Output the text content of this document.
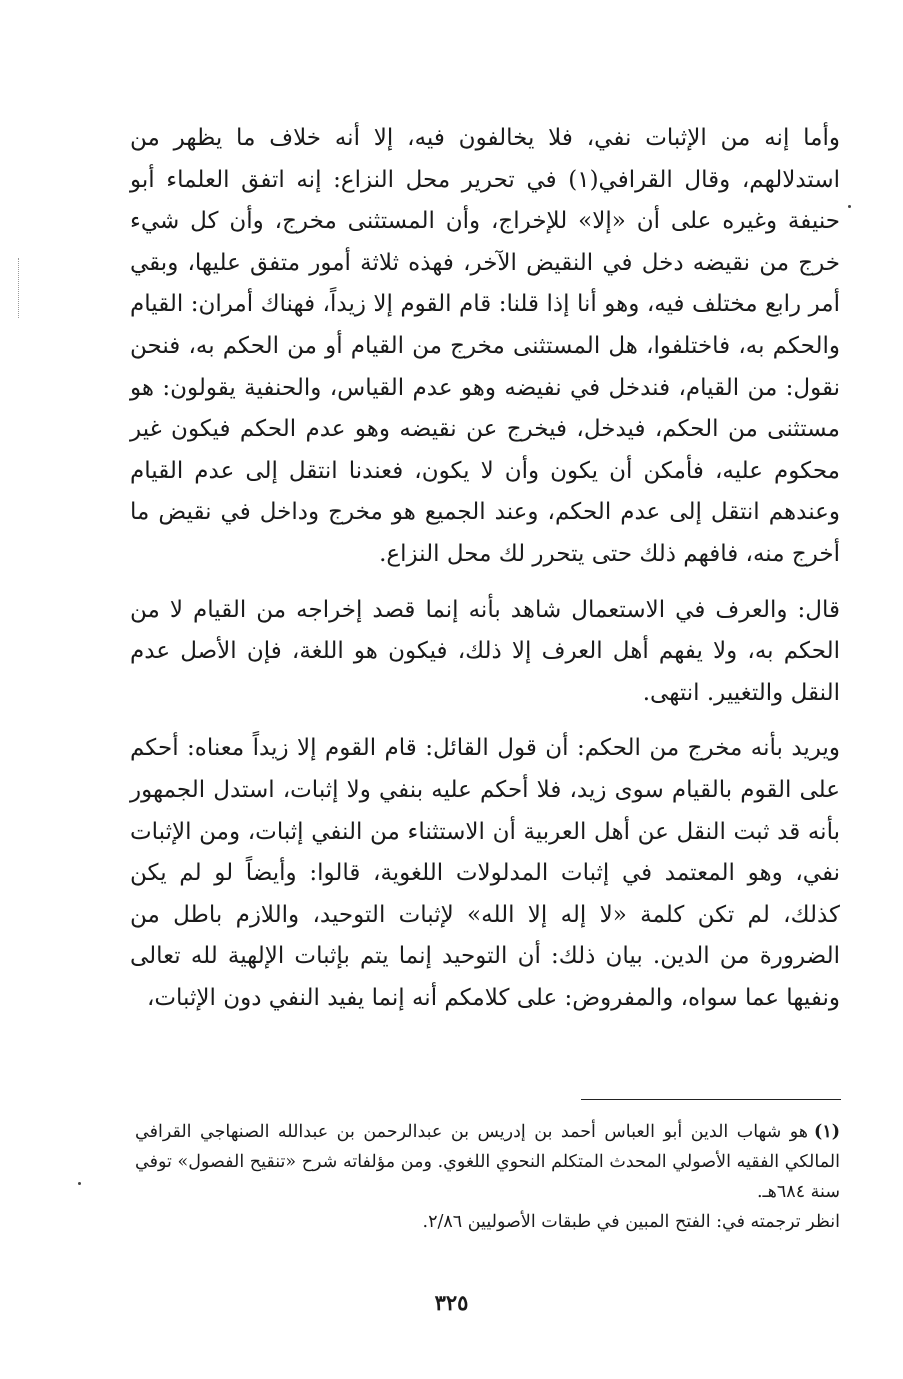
وأما إنه من الإثبات نفي، فلا يخالفون فيه، إلا أنه خلاف ما يظهر من استدلالهم، وقال القرافي(١) في تحرير محل النزاع: إنه اتفق العلماء أبو حنيفة وغيره على أن «إلا» للإخراج، وأن المستثنى مخرج، وأن كل شيء خرج من نقيضه دخل في النقيض الآخر، فهذه ثلاثة أمور متفق عليها، وبقي أمر رابع مختلف فيه، وهو أنا إذا قلنا: قام القوم إلا زيداً، فهناك أمران: القيام والحكم به، فاختلفوا، هل المستثنى مخرج من القيام أو من الحكم به، فنحن نقول: من القيام، فندخل في نفيضه وهو عدم القياس، والحنفية يقولون: هو مستثنى من الحكم، فيدخل، فيخرج عن نقيضه وهو عدم الحكم فيكون غير محكوم عليه، فأمكن أن يكون وأن لا يكون، فعندنا انتقل إلى عدم القيام وعندهم انتقل إلى عدم الحكم، وعند الجميع هو مخرج وداخل في نقيض ما أخرج منه، فافهم ذلك حتى يتحرر لك محل النزاع.

قال: والعرف في الاستعمال شاهد بأنه إنما قصد إخراجه من القيام لا من الحكم به، ولا يفهم أهل العرف إلا ذلك، فيكون هو اللغة، فإن الأصل عدم النقل والتغيير. انتهى.

ويريد بأنه مخرج من الحكم: أن قول القائل: قام القوم إلا زيداً معناه: أحكم على القوم بالقيام سوى زيد، فلا أحكم عليه بنفي ولا إثبات، استدل الجمهور بأنه قد ثبت النقل عن أهل العربية أن الاستثناء من النفي إثبات، ومن الإثبات نفي، وهو المعتمد في إثبات المدلولات اللغوية، قالوا: وأيضاً لو لم يكن كذلك، لم تكن كلمة «لا إله إلا الله» لإثبات التوحيد، واللازم باطل من الضرورة من الدين. بيان ذلك: أن التوحيد إنما يتم بإثبات الإلهية لله تعالى ونفيها عما سواه، والمفروض: على كلامكم أنه إنما يفيد النفي دون الإثبات،

(١)هو شهاب الدين أبو العباس أحمد بن إدريس بن عبدالرحمن بن عبدالله الصنهاجي القرافي المالكي الفقيه الأصولي المحدث المتكلم النحوي اللغوي. ومن مؤلفاته شرح «تنقيح الفصول» توفي سنة ٦٨٤هـ.

انظر ترجمته في: الفتح المبين في طبقات الأصوليين ٢/٨٦.

٣٢٥
